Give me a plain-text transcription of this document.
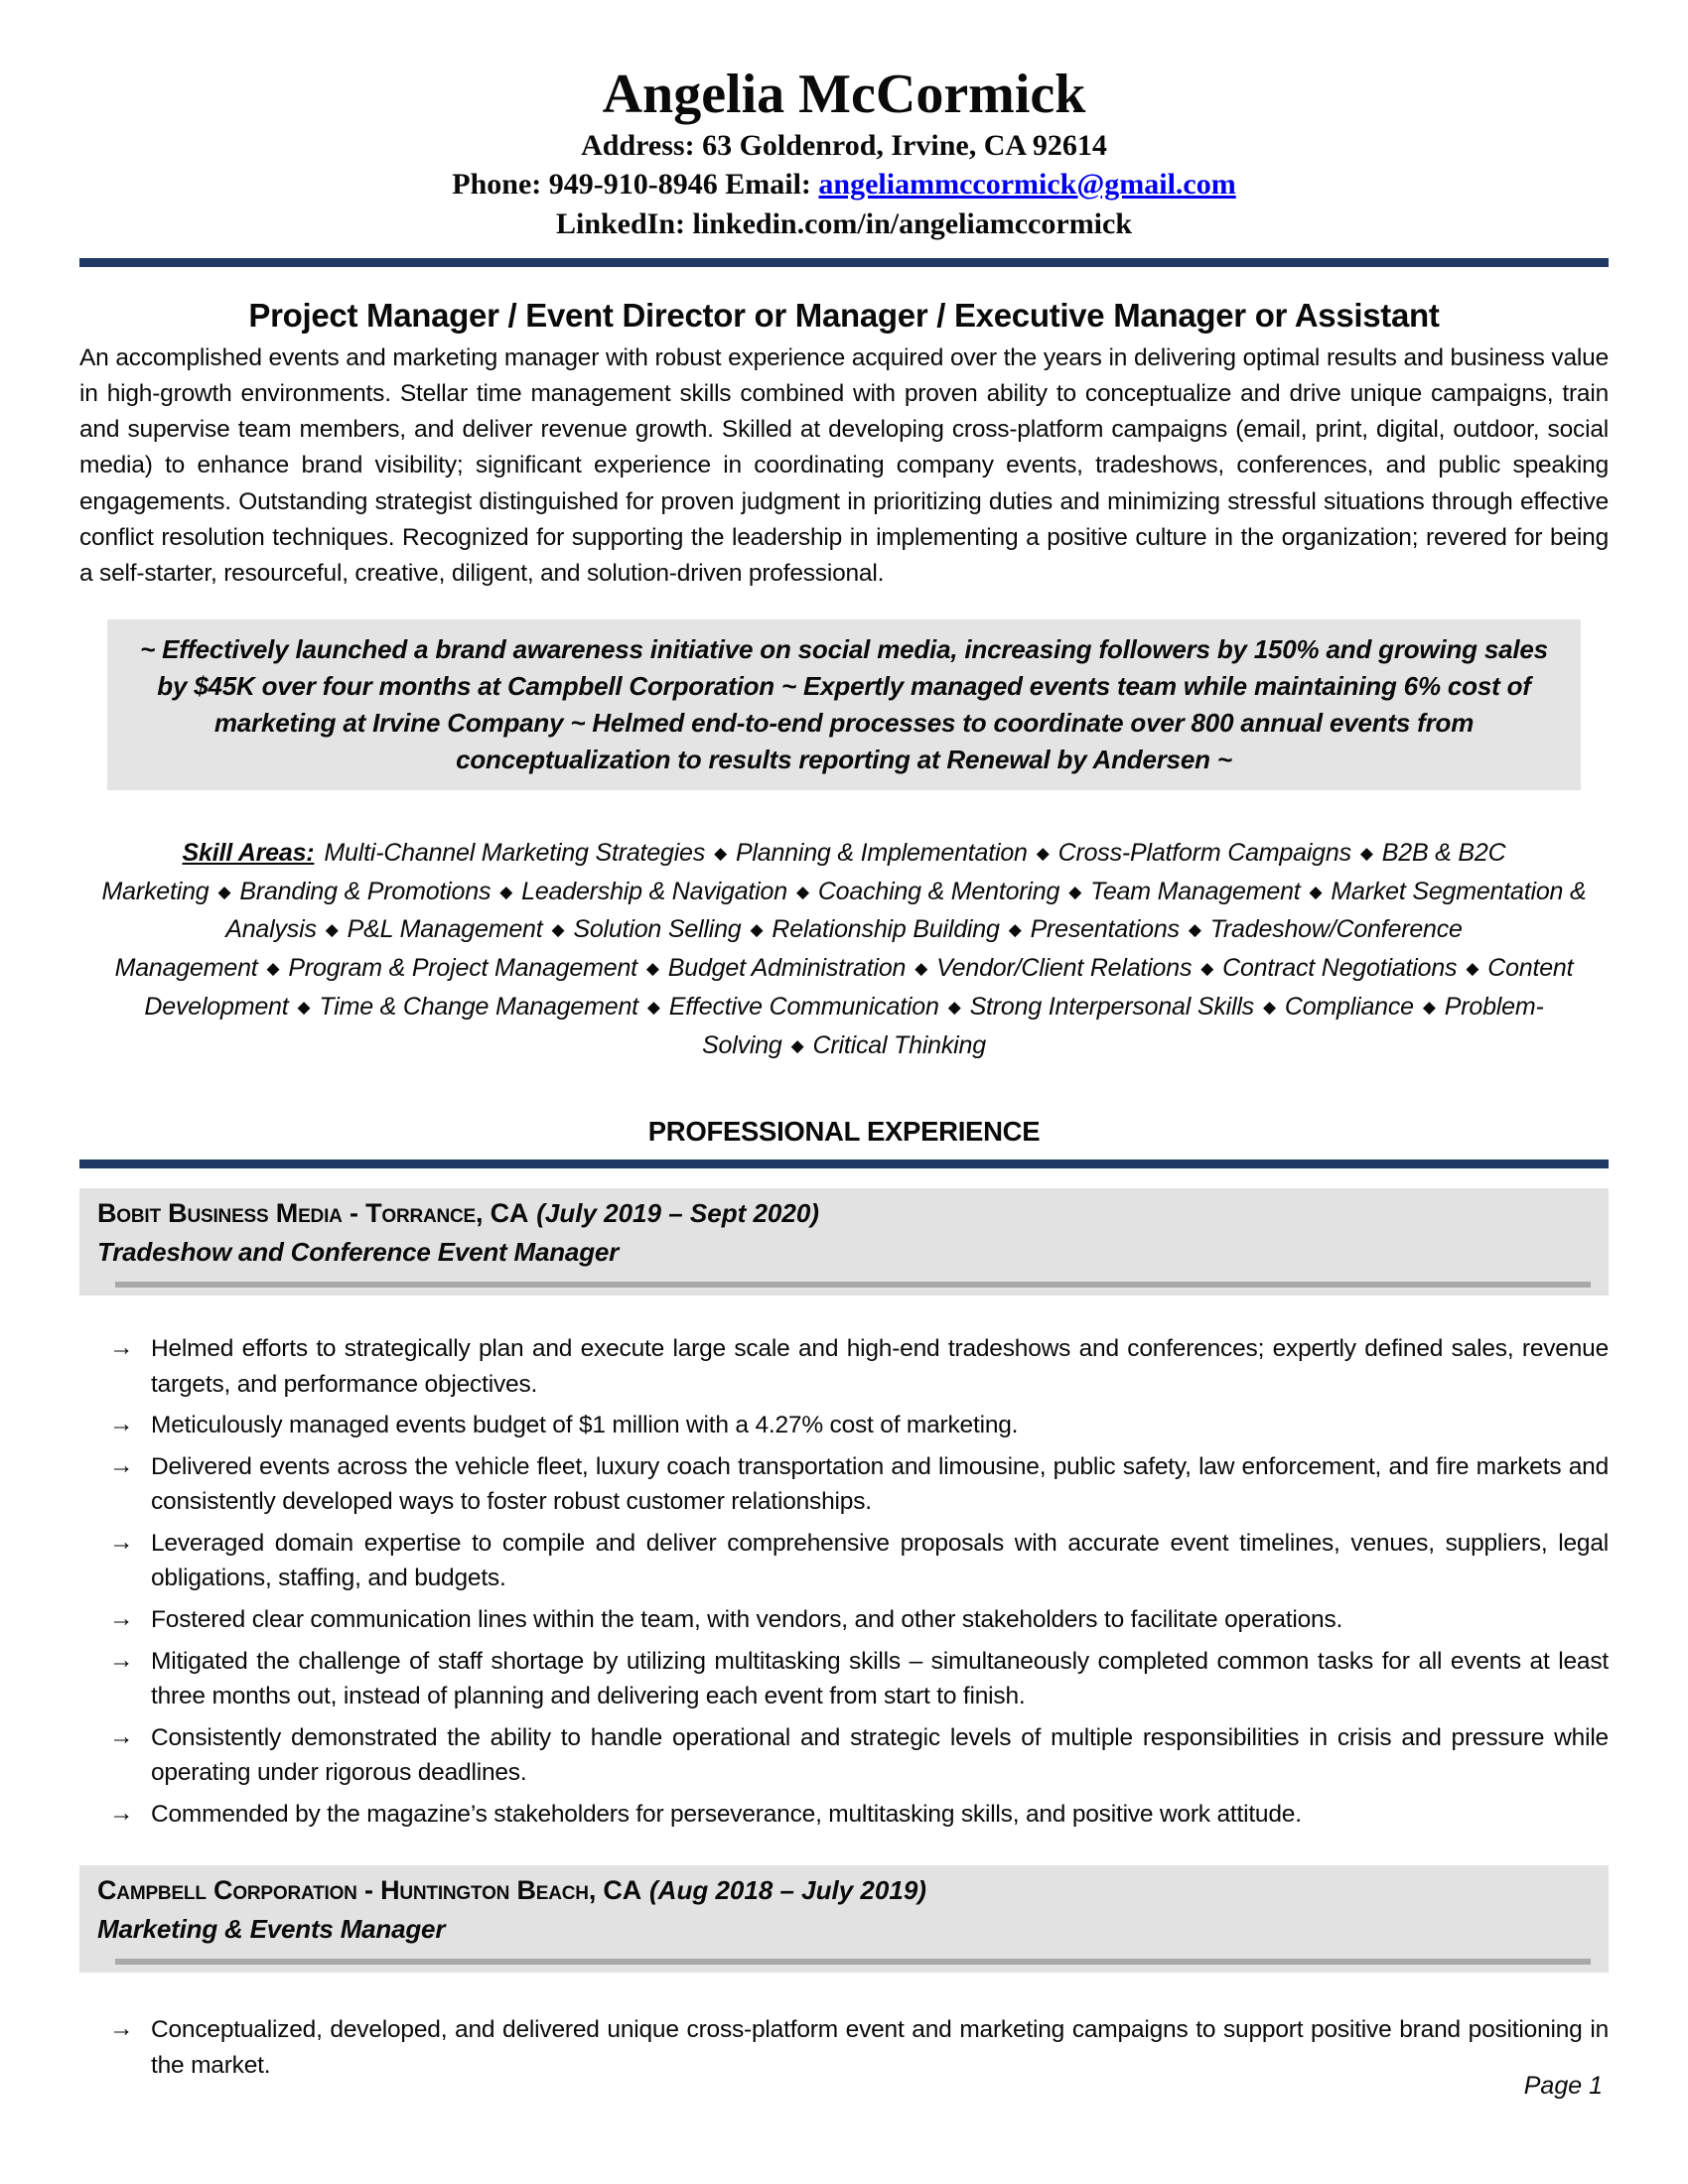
Angelia McCormick
Address: 63 Goldenrod, Irvine, CA 92614
Phone: 949-910-8946 Email: angeliammccormick@gmail.com
LinkedIn: linkedin.com/in/angeliamccormick
Project Manager / Event Director or Manager / Executive Manager or Assistant
An accomplished events and marketing manager with robust experience acquired over the years in delivering optimal results and business value in high-growth environments. Stellar time management skills combined with proven ability to conceptualize and drive unique campaigns, train and supervise team members, and deliver revenue growth. Skilled at developing cross-platform campaigns (email, print, digital, outdoor, social media) to enhance brand visibility; significant experience in coordinating company events, tradeshows, conferences, and public speaking engagements. Outstanding strategist distinguished for proven judgment in prioritizing duties and minimizing stressful situations through effective conflict resolution techniques. Recognized for supporting the leadership in implementing a positive culture in the organization; revered for being a self-starter, resourceful, creative, diligent, and solution-driven professional.
~ Effectively launched a brand awareness initiative on social media, increasing followers by 150% and growing sales by $45K over four months at Campbell Corporation ~ Expertly managed events team while maintaining 6% cost of marketing at Irvine Company ~ Helmed end-to-end processes to coordinate over 800 annual events from conceptualization to results reporting at Renewal by Andersen ~
Skill Areas: Multi-Channel Marketing Strategies ◆ Planning & Implementation ◆ Cross-Platform Campaigns ◆ B2B & B2C Marketing ◆ Branding & Promotions ◆ Leadership & Navigation ◆ Coaching & Mentoring ◆ Team Management ◆ Market Segmentation & Analysis ◆ P&L Management ◆ Solution Selling ◆ Relationship Building ◆ Presentations ◆ Tradeshow/Conference Management ◆ Program & Project Management ◆ Budget Administration ◆ Vendor/Client Relations ◆ Contract Negotiations ◆ Content Development ◆ Time & Change Management ◆ Effective Communication ◆ Strong Interpersonal Skills ◆ Compliance ◆ Problem-Solving ◆ Critical Thinking
PROFESSIONAL EXPERIENCE
Bobit Business Media - Torrance, CA (July 2019 – Sept 2020)
Tradeshow and Conference Event Manager

→ Helmed efforts to strategically plan and execute large scale and high-end tradeshows and conferences; expertly defined sales, revenue targets, and performance objectives.

→ Meticulously managed events budget of $1 million with a 4.27% cost of marketing.

→ Delivered events across the vehicle fleet, luxury coach transportation and limousine, public safety, law enforcement, and fire markets and consistently developed ways to foster robust customer relationships.

→ Leveraged domain expertise to compile and deliver comprehensive proposals with accurate event timelines, venues, suppliers, legal obligations, staffing, and budgets.

→ Fostered clear communication lines within the team, with vendors, and other stakeholders to facilitate operations.

→ Mitigated the challenge of staff shortage by utilizing multitasking skills – simultaneously completed common tasks for all events at least three months out, instead of planning and delivering each event from start to finish.

→ Consistently demonstrated the ability to handle operational and strategic levels of multiple responsibilities in crisis and pressure while operating under rigorous deadlines.

→ Commended by the magazine’s stakeholders for perseverance, multitasking skills, and positive work attitude.

Campbell Corporation - Huntington Beach, CA (Aug 2018 – July 2019)
Marketing & Events Manager

→ Conceptualized, developed, and delivered unique cross-platform event and marketing campaigns to support positive brand positioning in the market.

Page 1
